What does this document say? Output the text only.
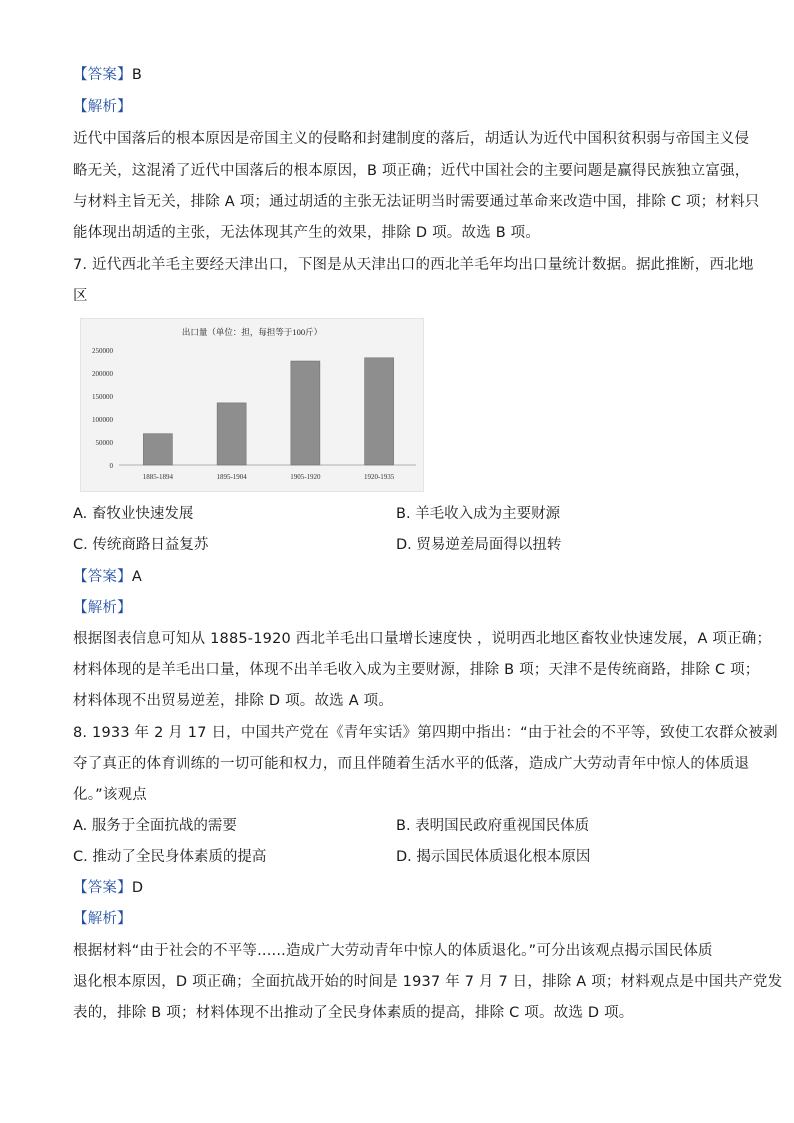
【答案】B
【解析】
近代中国落后的根本原因是帝国主义的侵略和封建制度的落后，胡适认为近代中国积贫积弱与帝国主义侵
略无关，这混淆了近代中国落后的根本原因，B 项正确；近代中国社会的主要问题是赢得民族独立富强，
与材料主旨无关，排除 A 项；通过胡适的主张无法证明当时需要通过革命来改造中国，排除 C 项；材料只
能体现出胡适的主张，无法体现其产生的效果，排除 D 项。故选 B 项。
7. 近代西北羊毛主要经天津出口，下图是从天津出口的西北羊毛年均出口量统计数据。据此推断，西北地
区
出口量（单位：担，每担等于100斤）
250000
200000
150000
100000
50000
0
1885-1894	1895-1904	1905-1920	1920-1935
A. 畜牧业快速发展	B. 羊毛收入成为主要财源
C. 传统商路日益复苏	D. 贸易逆差局面得以扭转
【答案】A
【解析】
根据图表信息可知从 1885-1920 西北羊毛出口量增长速度快 ，说明西北地区畜牧业快速发展，A 项正确；
材料体现的是羊毛出口量，体现不出羊毛收入成为主要财源，排除 B 项；天津不是传统商路，排除 C 项；
材料体现不出贸易逆差，排除 D 项。故选 A 项。
8. 1933 年 2 月 17 日，中国共产党在《青年实话》第四期中指出：“由于社会的不平等，致使工农群众被剥
夺了真正的体育训练的一切可能和权力，而且伴随着生活水平的低落，造成广大劳动青年中惊人的体质退
化。”该观点
A. 服务于全面抗战的需要	B. 表明国民政府重视国民体质
C. 推动了全民身体素质的提高	D. 揭示国民体质退化根本原因
【答案】D
【解析】
根据材料“由于社会的不平等......造成广大劳动青年中惊人的体质退化。”可分出该观点揭示国民体质
退化根本原因，D 项正确；全面抗战开始的时间是 1937 年 7 月 7 日，排除 A 项；材料观点是中国共产党发
表的，排除 B 项；材料体现不出推动了全民身体素质的提高，排除 C 项。故选 D 项。
